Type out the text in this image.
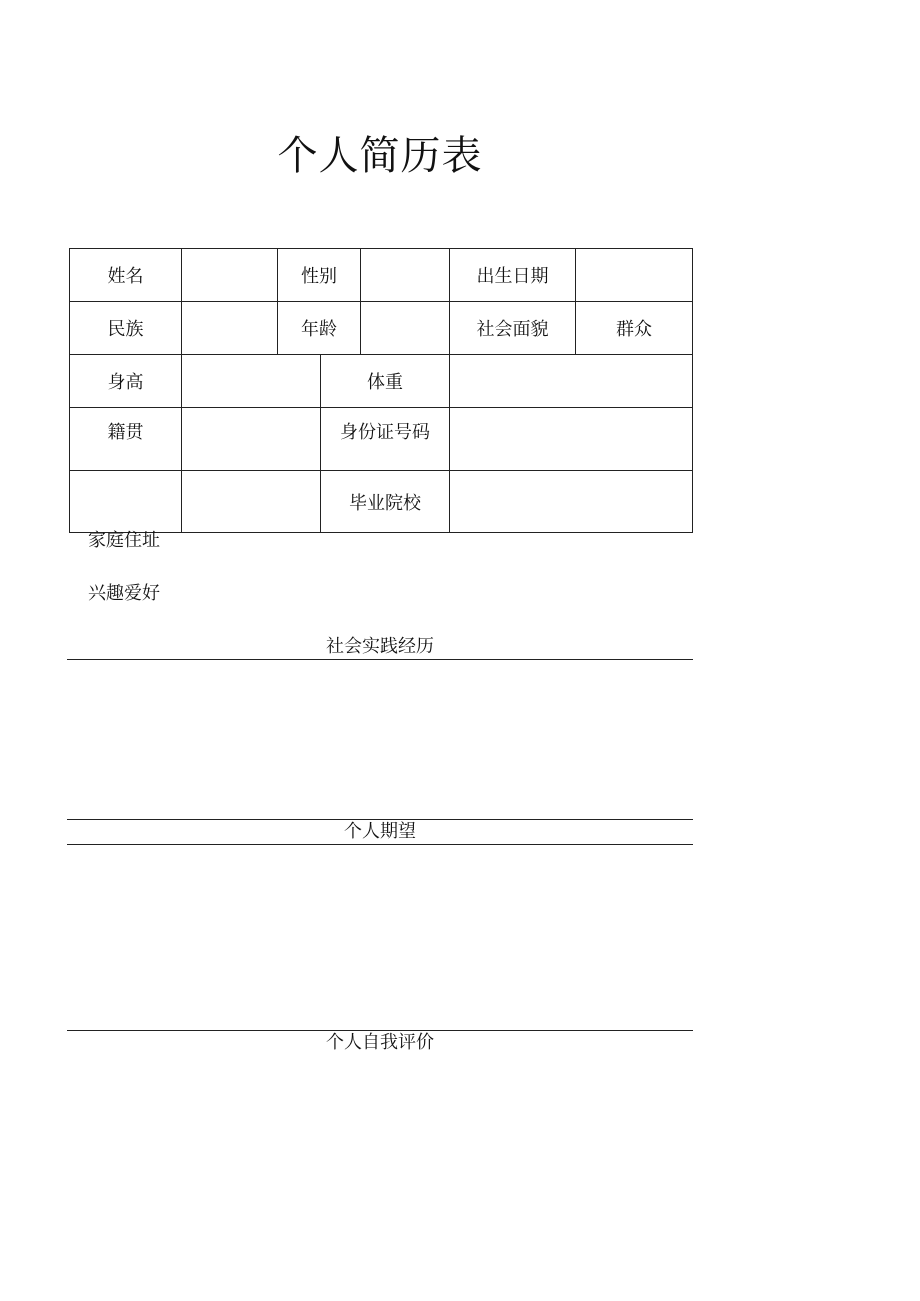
个人简历表
姓名		性别			出生日期	
民族		年龄			社会面貌	群众
身高			体重			
籍贯			身份证号码			
			毕业院校			
家庭住址
兴趣爱好
社会实践经历
个人期望
个人自我评价
